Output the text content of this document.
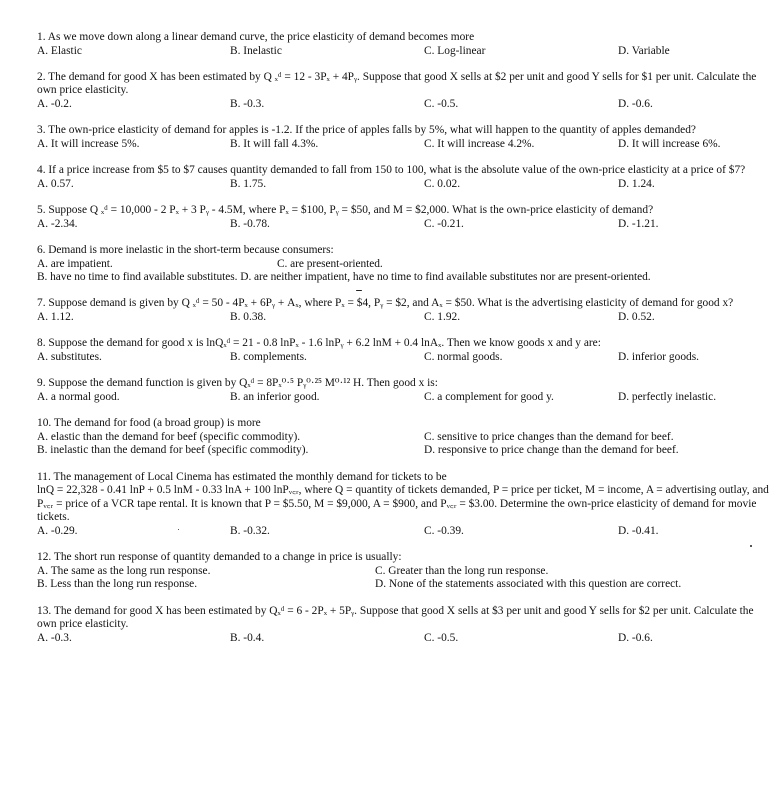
1. As we move down along a linear demand curve, the price elasticity of demand becomes more
A. Elastic	B. Inelastic	C. Log-linear	D. Variable
2. The demand for good X has been estimated by Q ₓᵈ = 12 - 3Pₓ + 4Pᵧ. Suppose that good X sells at $2 per unit and good Y sells for $1 per unit. Calculate the own price elasticity.
A. -0.2.	B. -0.3.	C. -0.5.	D. -0.6.
3. The own-price elasticity of demand for apples is -1.2. If the price of apples falls by 5%, what will happen to the quantity of apples demanded?
A. It will increase 5%.	B. It will fall 4.3%.	C. It will increase 4.2%.	D. It will increase 6%.
4. If a price increase from $5 to $7 causes quantity demanded to fall from 150 to 100, what is the absolute value of the own-price elasticity at a price of $7?
A. 0.57.	B. 1.75.	C. 0.02.	D. 1.24.
5. Suppose Q ₓᵈ = 10,000 - 2 Pₓ + 3 Pᵧ - 4.5M, where Pₓ = $100, Pᵧ = $50, and M = $2,000. What is the own-price elasticity of demand?
A. -2.34.	B. -0.78.	C. -0.21.	D. -1.21.
6. Demand is more inelastic in the short-term because consumers:
A. are impatient.	C. are present-oriented.
B. have no time to find available substitutes. D. are neither impatient, have no time to find available substitutes nor are present-oriented.
7. Suppose demand is given by Q ₓᵈ = 50 - 4Pₓ + 6Pᵧ + Aₓ, where Pₓ = $4, Pᵧ = $2, and Aₓ = $50. What is the advertising elasticity of demand for good x?
A. 1.12.	B. 0.38.	C. 1.92.	D. 0.52.
8. Suppose the demand for good x is lnQₓᵈ = 21 - 0.8 lnPₓ - 1.6 lnPᵧ + 6.2 lnM + 0.4 lnAₓ. Then we know goods x and y are:
A. substitutes.	B. complements.	C. normal goods.	D. inferior goods.
9. Suppose the demand function is given by Qₓᵈ = 8Pₓ⁰·⁵ Pᵧ⁰·²⁵ M⁰·¹² H. Then good x is:
A. a normal good.	B. an inferior good.	C. a complement for good y.	D. perfectly inelastic.
10. The demand for food (a broad group) is more
A. elastic than the demand for beef (specific commodity).	C. sensitive to price changes than the demand for beef.
B. inelastic than the demand for beef (specific commodity).	D. responsive to price change than the demand for beef.
11. The management of Local Cinema has estimated the monthly demand for tickets to be
lnQ = 22,328 - 0.41 lnP + 0.5 lnM - 0.33 lnA + 100 lnPᵥ꜀ᵣ, where Q = quantity of tickets demanded, P = price per ticket, M = income, A = advertising outlay, and Pᵥ꜀ᵣ = price of a VCR tape rental. It is known that P = $5.50, M = $9,000, A = $900, and Pᵥ꜀ᵣ = $3.00. Determine the own-price elasticity of demand for movie tickets.
A. -0.29.	B. -0.32.	C. -0.39.	D. -0.41.
12. The short run response of quantity demanded to a change in price is usually:
A. The same as the long run response.	C. Greater than the long run response.
B. Less than the long run response.	D. None of the statements associated with this question are correct.
13. The demand for good X has been estimated by Qₓᵈ = 6 - 2Pₓ + 5Pᵧ. Suppose that good X sells at $3 per unit and good Y sells for $2 per unit. Calculate the own price elasticity.
A. -0.3.	B. -0.4.	C. -0.5.	D. -0.6.
